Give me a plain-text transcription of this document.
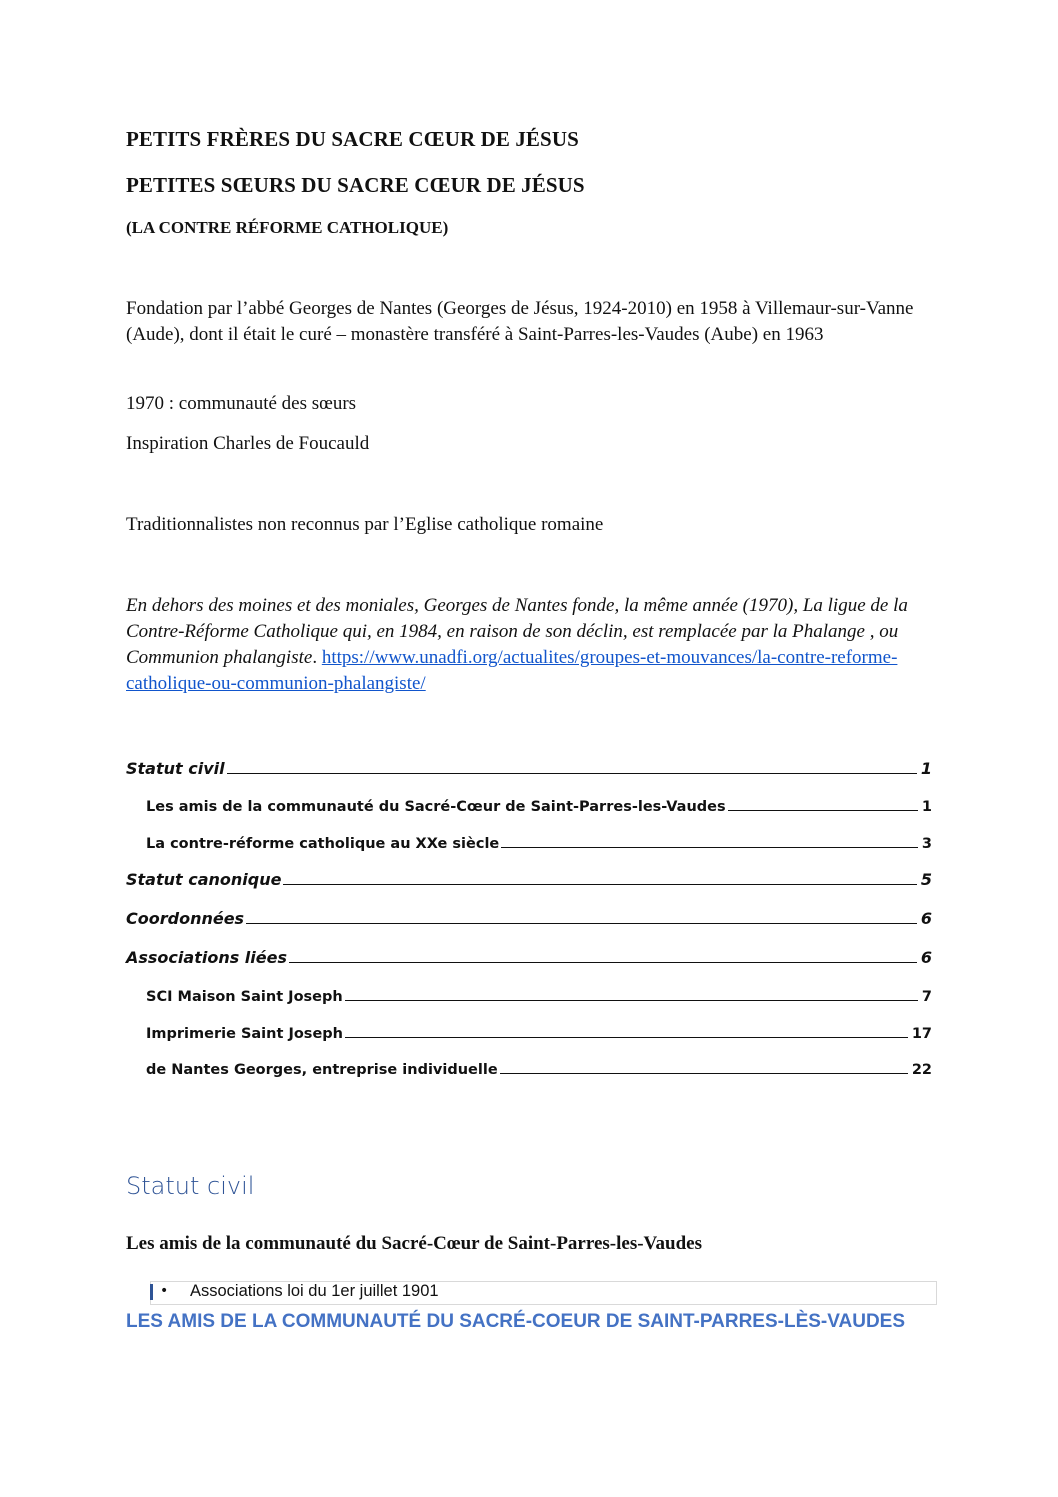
PETITS FRÈRES DU SACRE CŒUR DE JÉSUS
PETITES SŒURS DU SACRE CŒUR DE JÉSUS
(LA CONTRE RÉFORME CATHOLIQUE)
Fondation par l’abbé Georges de Nantes (Georges de Jésus, 1924-2010) en 1958 à Villemaur-sur-Vanne (Aude), dont il était le curé – monastère transféré à Saint-Parres-les-Vaudes (Aube) en 1963
1970 : communauté des sœurs
Inspiration Charles de Foucauld
Traditionnalistes non reconnus par l’Eglise catholique romaine
En dehors des moines et des moniales, Georges de Nantes fonde, la même année (1970), La ligue de la Contre-Réforme Catholique qui, en 1984, en raison de son déclin, est remplacée par la Phalange , ou Communion phalangiste. https://www.unadfi.org/actualites/groupes-et-mouvances/la-contre-reforme-catholique-ou-communion-phalangiste/
Statut civil	1
Les amis de la communauté du Sacré-Cœur de Saint-Parres-les-Vaudes	1
La contre-réforme catholique au XXe siècle	3
Statut canonique	5
Coordonnées	6
Associations liées	6
SCI Maison Saint Joseph	7
Imprimerie Saint Joseph	17
de Nantes Georges, entreprise individuelle	22
Statut civil
Les amis de la communauté du Sacré-Cœur de Saint-Parres-les-Vaudes
• Associations loi du 1er juillet 1901
LES AMIS DE LA COMMUNAUTÉ DU SACRÉ-COEUR DE SAINT-PARRES-LÈS-VAUDES
